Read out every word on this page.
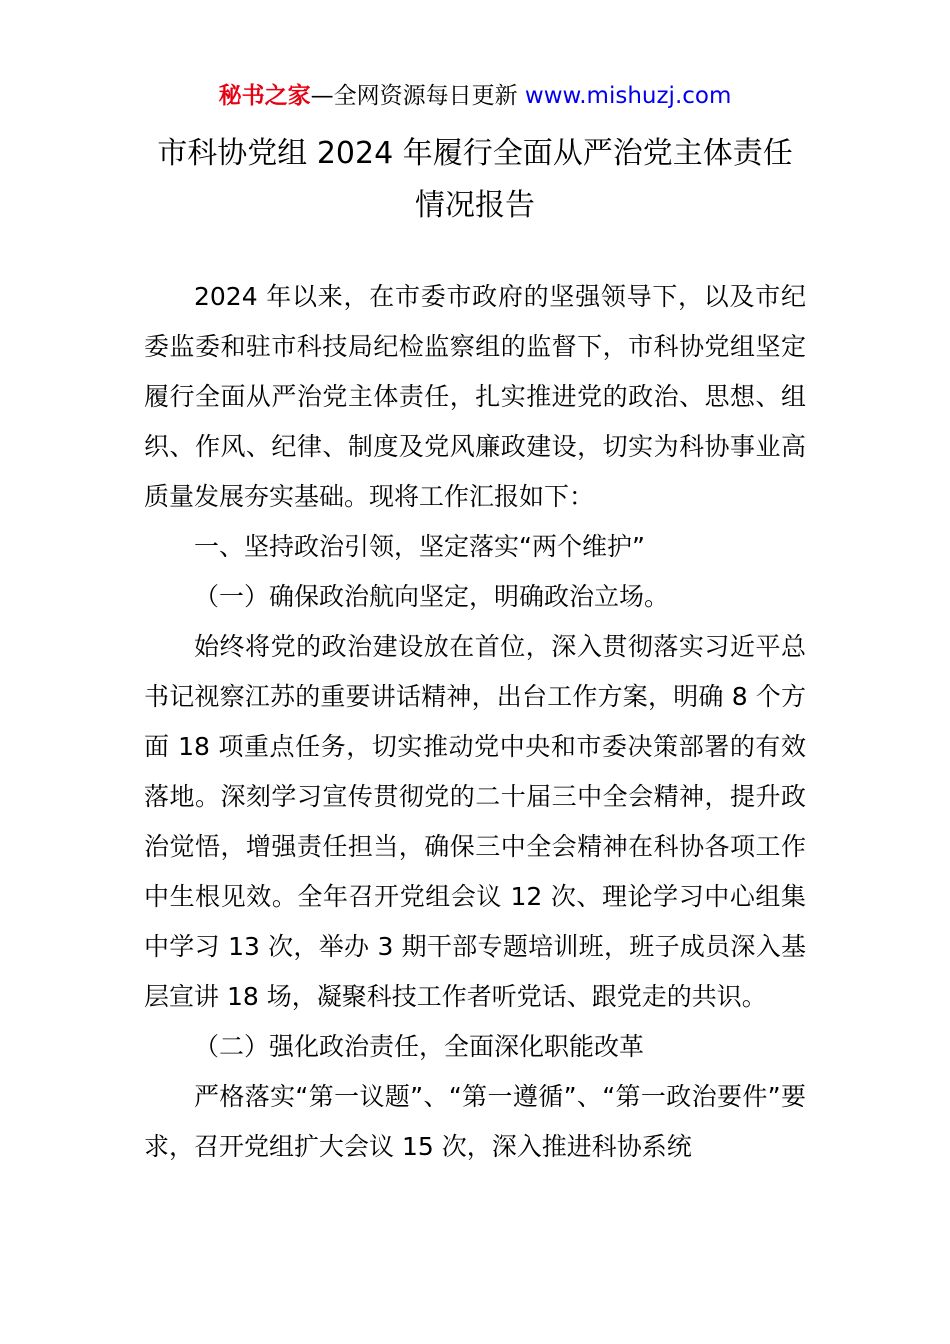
秘书之家—全网资源每日更新 www.mishuzj.com
市科协党组 2024 年履行全面从严治党主体责任
情况报告

2024 年以来，在市委市政府的坚强领导下，以及市纪委监委和驻市科技局纪检监察组的监督下，市科协党组坚定履行全面从严治党主体责任，扎实推进党的政治、思想、组织、作风、纪律、制度及党风廉政建设，切实为科协事业高质量发展夯实基础。现将工作汇报如下：

一、坚持政治引领，坚定落实“两个维护”

（一）确保政治航向坚定，明确政治立场。

始终将党的政治建设放在首位，深入贯彻落实习近平总书记视察江苏的重要讲话精神，出台工作方案，明确 8 个方面 18 项重点任务，切实推动党中央和市委决策部署的有效落地。深刻学习宣传贯彻党的二十届三中全会精神，提升政治觉悟，增强责任担当，确保三中全会精神在科协各项工作中生根见效。全年召开党组会议 12 次、理论学习中心组集中学习 13 次，举办 3 期干部专题培训班，班子成员深入基层宣讲 18 场，凝聚科技工作者听党话、跟党走的共识。

（二）强化政治责任，全面深化职能改革

严格落实“第一议题”、“第一遵循”、“第一政治要件”要求，召开党组扩大会议 15 次，深入推进科协系统
